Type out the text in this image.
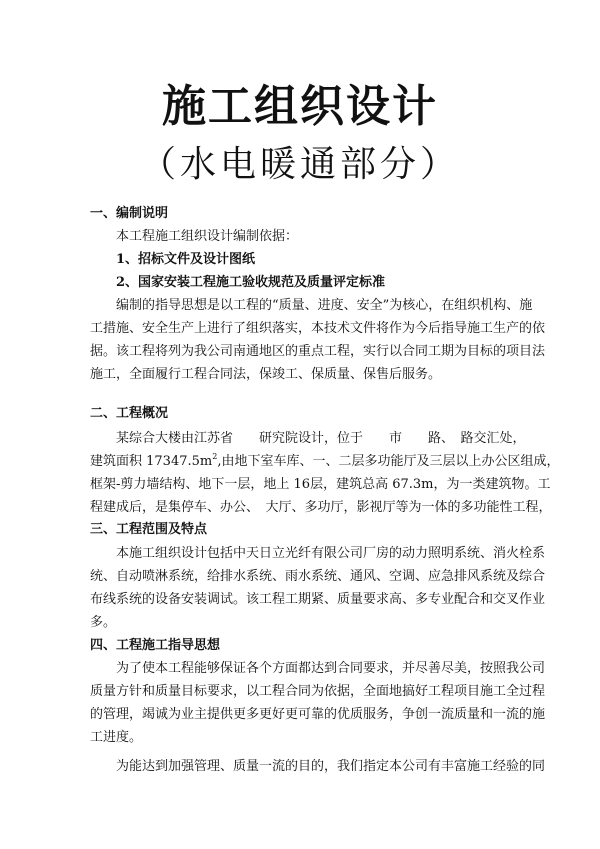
施工组织设计
（水电暖通部分）
一、编制说明
本工程施工组织设计编制依据：
1、招标文件及设计图纸
2、国家安装工程施工验收规范及质量评定标准
编制的指导思想是以工程的“质量、进度、安全”为核心，在组织机构、施
工措施、安全生产上进行了组织落实，本技术文件将作为今后指导施工生产的依
据。该工程将列为我公司南通地区的重点工程，实行以合同工期为目标的项目法
施工，全面履行工程合同法，保竣工、保质量、保售后服务。
二、工程概况
某综合大楼由江苏省　　研究院设计，位于　　市　　路、　路交汇处，
建筑面积 $17347.5m^2$,由地下室车库、一、二层多功能厅及三层以上办公区组成，
框架-剪力墙结构、地下一层，地上 16层，建筑总高 67.3m，为一类建筑物。工
程建成后，是集停车、办公、　大厅、多功厅，影视厅等为一体的多功能性工程，
三、工程范围及特点
本施工组织设计包括中天日立光纤有限公司厂房的动力照明系统、消火栓系
统、自动喷淋系统，给排水系统、雨水系统、通风、空调、应急排风系统及综合
布线系统的设备安装调试。该工程工期紧、质量要求高、多专业配合和交叉作业
多。
四、工程施工指导思想
为了使本工程能够保证各个方面都达到合同要求，并尽善尽美，按照我公司
质量方针和质量目标要求，以工程合同为依据，全面地搞好工程项目施工全过程
的管理，竭诚为业主提供更多更好更可靠的优质服务，争创一流质量和一流的施
工进度。
为能达到加强管理、质量一流的目的，我们指定本公司有丰富施工经验的同
